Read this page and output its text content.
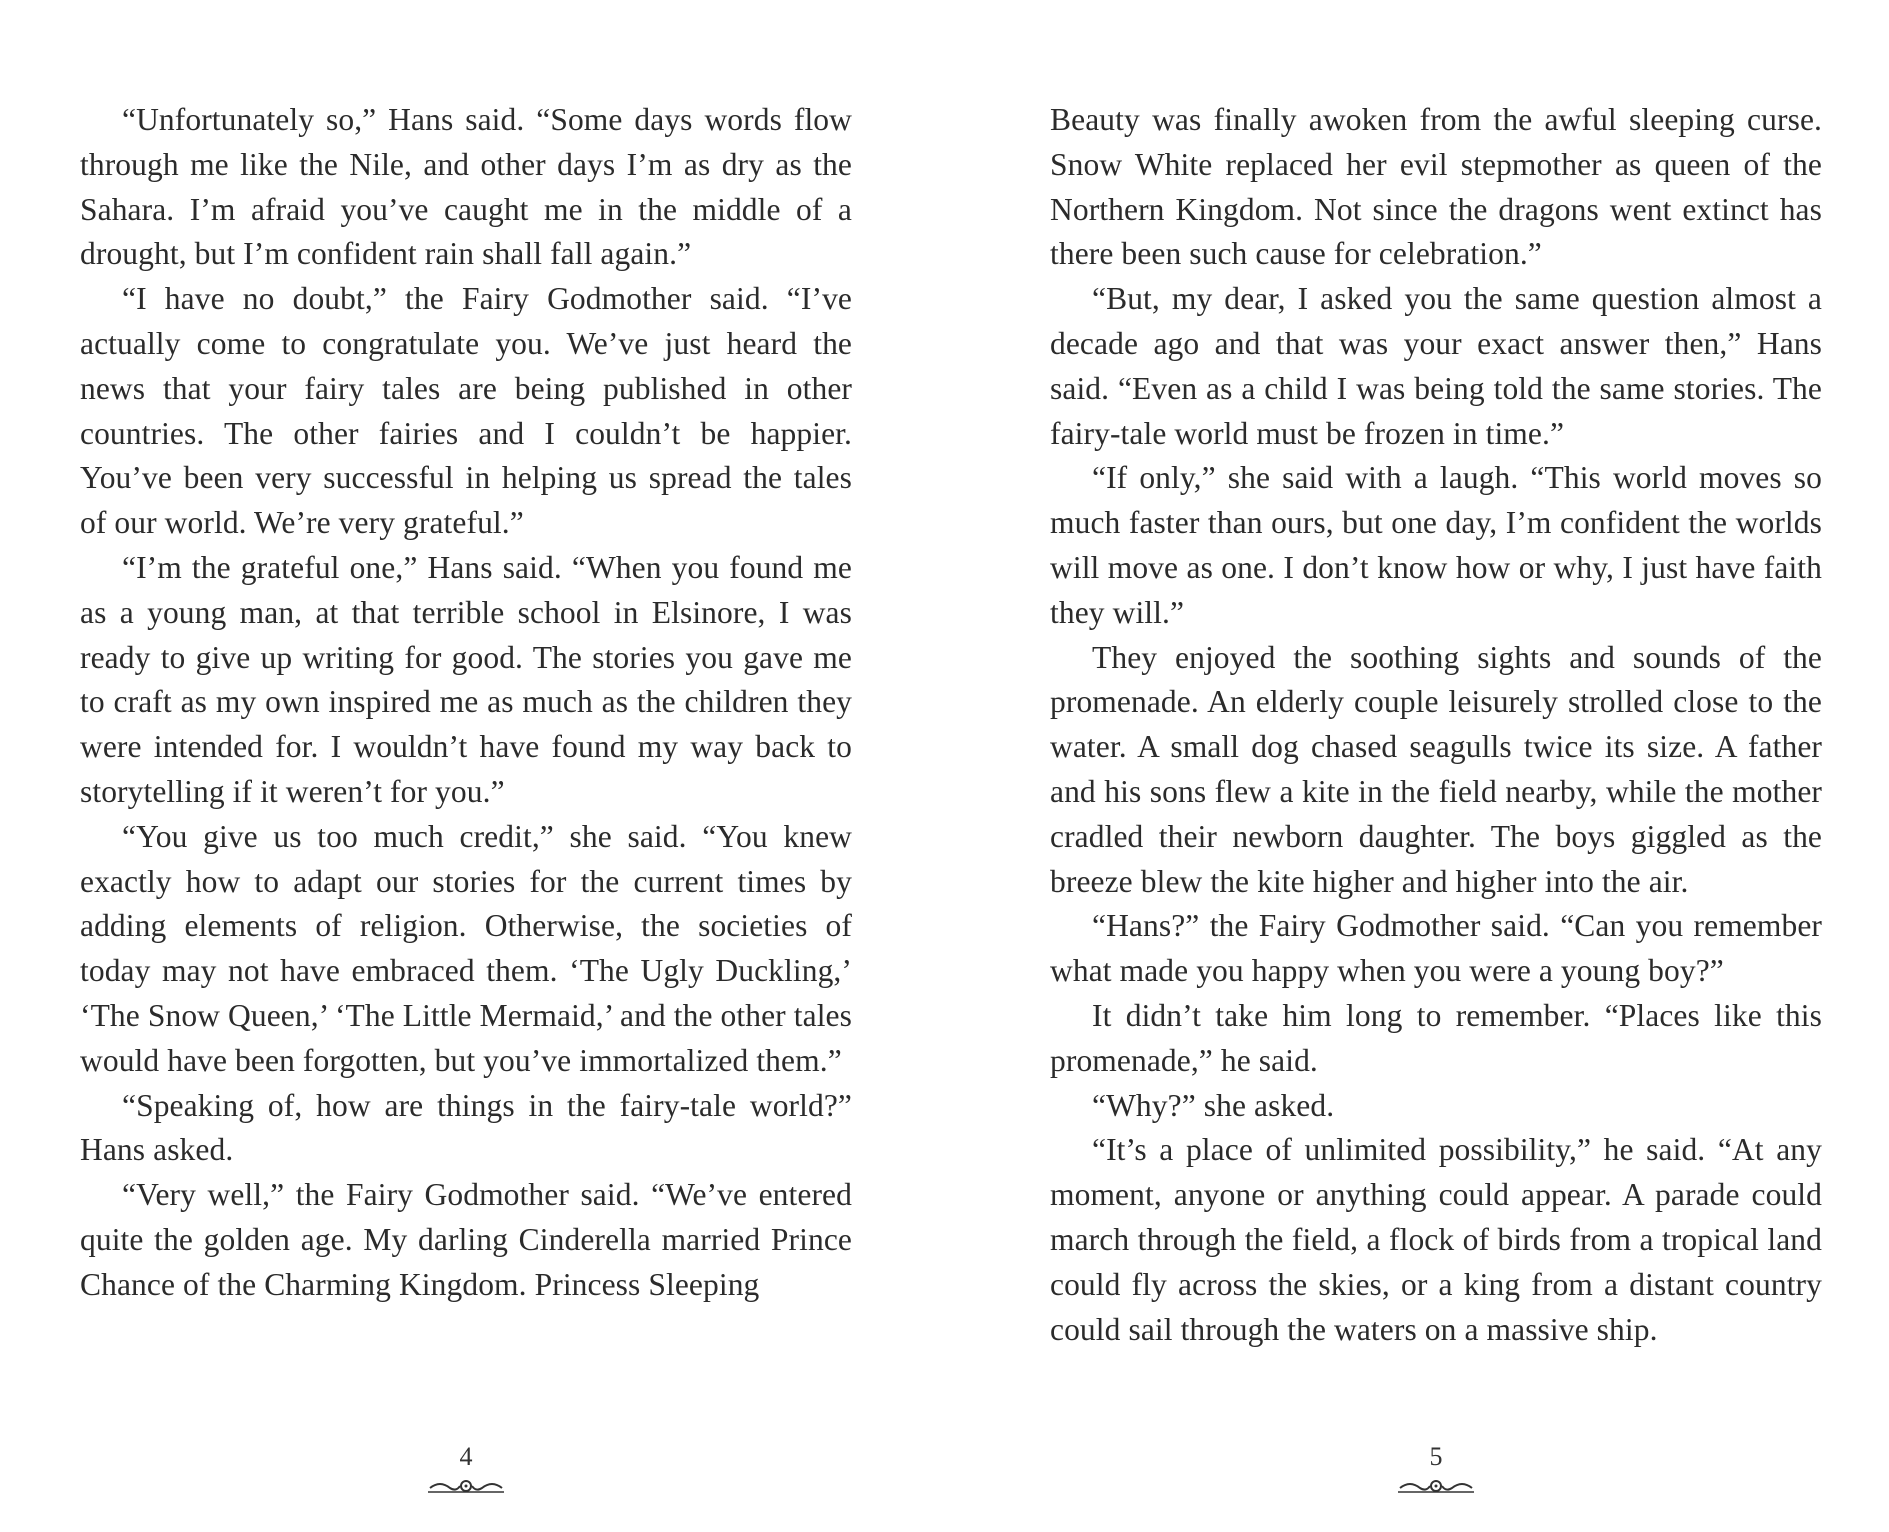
“Unfortunately so,” Hans said. “Some days words flow through me like the Nile, and other days I’m as dry as the Sahara. I’m afraid you’ve caught me in the middle of a drought, but I’m confident rain shall fall again.”

“I have no doubt,” the Fairy Godmother said. “I’ve actually come to congratulate you. We’ve just heard the news that your fairy tales are being published in other countries. The other fairies and I couldn’t be happier. You’ve been very successful in helping us spread the tales of our world. We’re very grateful.”

“I’m the grateful one,” Hans said. “When you found me as a young man, at that terrible school in Elsinore, I was ready to give up writing for good. The stories you gave me to craft as my own inspired me as much as the children they were intended for. I wouldn’t have found my way back to storytelling if it weren’t for you.”

“You give us too much credit,” she said. “You knew exactly how to adapt our stories for the current times by adding elements of religion. Otherwise, the societies of today may not have embraced them. ‘The Ugly Duckling,’ ‘The Snow Queen,’ ‘The Little Mermaid,’ and the other tales would have been forgotten, but you’ve immortalized them.”

“Speaking of, how are things in the fairy-tale world?” Hans asked.

“Very well,” the Fairy Godmother said. “We’ve entered quite the golden age. My darling Cinderella married Prince Chance of the Charming Kingdom. Princess Sleeping

4

Beauty was finally awoken from the awful sleeping curse. Snow White replaced her evil stepmother as queen of the Northern Kingdom. Not since the dragons went extinct has there been such cause for celebration.”

“But, my dear, I asked you the same question almost a decade ago and that was your exact answer then,” Hans said. “Even as a child I was being told the same stories. The fairy-tale world must be frozen in time.”

“If only,” she said with a laugh. “This world moves so much faster than ours, but one day, I’m confident the worlds will move as one. I don’t know how or why, I just have faith they will.”

They enjoyed the soothing sights and sounds of the promenade. An elderly couple leisurely strolled close to the water. A small dog chased seagulls twice its size. A father and his sons flew a kite in the field nearby, while the mother cradled their newborn daughter. The boys giggled as the breeze blew the kite higher and higher into the air.

“Hans?” the Fairy Godmother said. “Can you remember what made you happy when you were a young boy?”

It didn’t take him long to remember. “Places like this promenade,” he said.

“Why?” she asked.

“It’s a place of unlimited possibility,” he said. “At any moment, anyone or anything could appear. A parade could march through the field, a flock of birds from a tropical land could fly across the skies, or a king from a distant country could sail through the waters on a massive ship.

5
